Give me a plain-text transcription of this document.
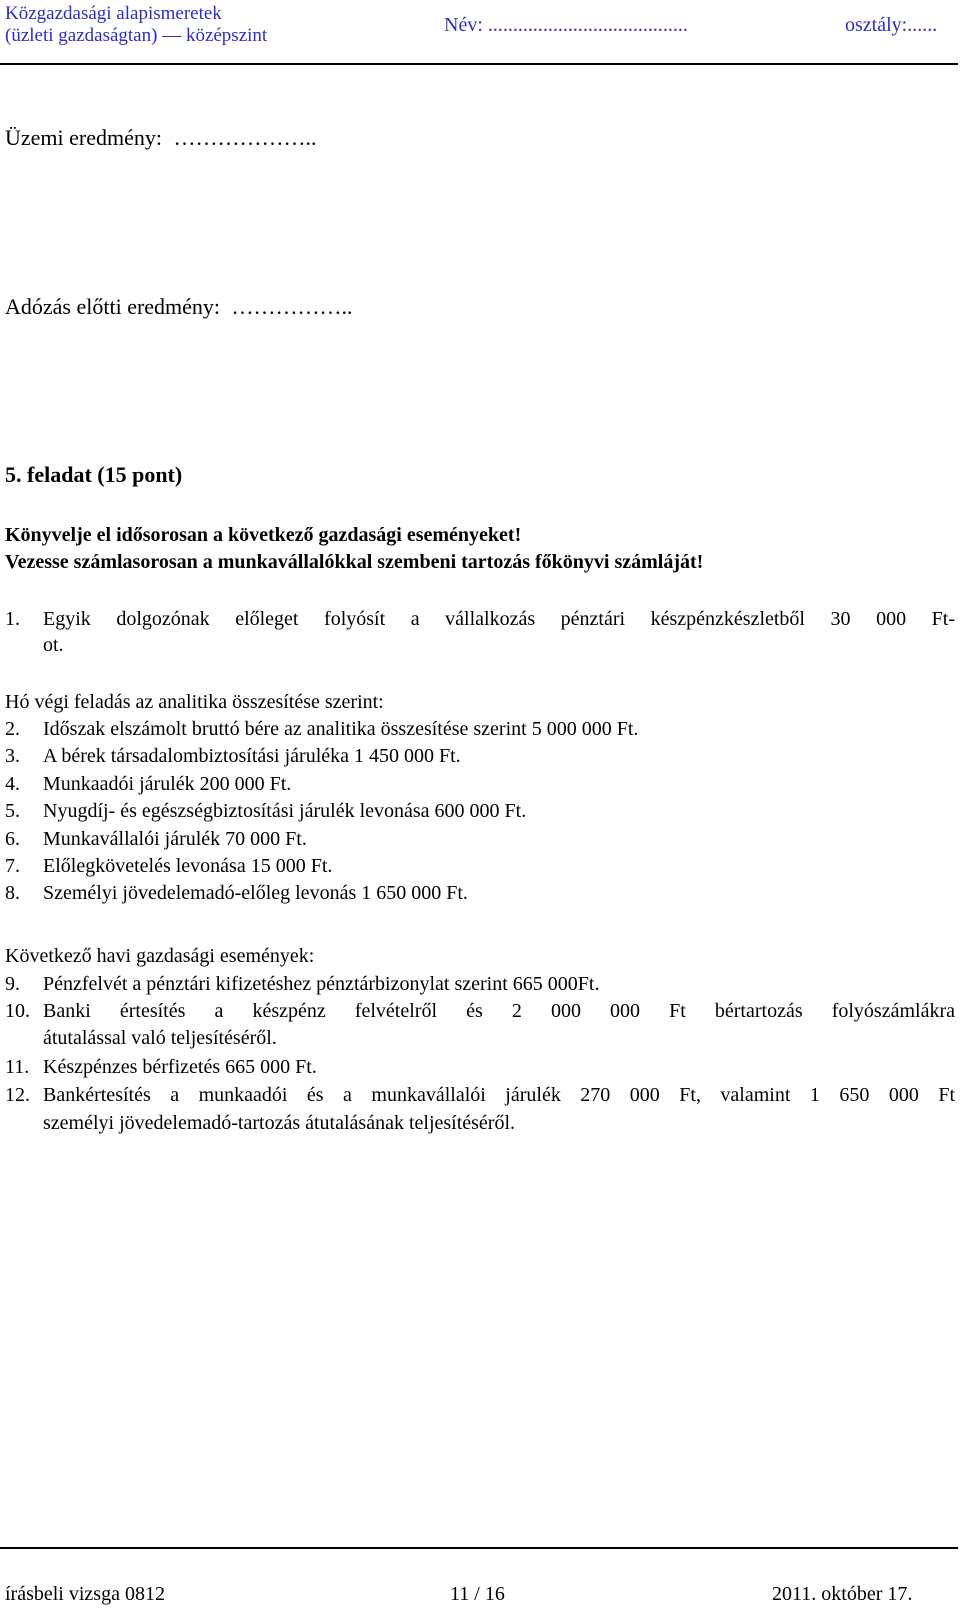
Közgazdasági alapismeretek
(üzleti gazdaságtan) — középszint	Név: ........................................	osztály:......
Üzemi eredmény: ………………..
Adózás előtti eredmény: ……………..
5. feladat (15 pont)
Könyvelje el idősorosan a következő gazdasági eseményeket!
Vezesse számlasorosan a munkavállalókkal szembeni tartozás főkönyvi számláját!
1. Egyik dolgozónak előleget folyósít a vállalkozás pénztári készpénzkészletből 30 000 Ft-
ot.
Hó végi feladás az analitika összesítése szerint:
2. Időszak elszámolt bruttó bére az analitika összesítése szerint 5 000 000 Ft.
3. A bérek társadalombiztosítási járuléka 1 450 000 Ft.
4. Munkaadói járulék 200 000 Ft.
5. Nyugdíj- és egészségbiztosítási járulék levonása 600 000 Ft.
6. Munkavállalói járulék 70 000 Ft.
7. Előlegkövetelés levonása 15 000 Ft.
8. Személyi jövedelemadó-előleg levonás 1 650 000 Ft.
Következő havi gazdasági események:
9. Pénzfelvét a pénztári kifizetéshez pénztárbizonylat szerint 665 000Ft.
10. Banki értesítés a készpénz felvételről és 2 000 000 Ft bértartozás folyószámlákra
átutalással való teljesítéséről.
11. Készpénzes bérfizetés 665 000 Ft.
12. Bankértesítés a munkaadói és a munkavállalói járulék 270 000 Ft, valamint 1 650 000 Ft
személyi jövedelemadó-tartozás átutalásának teljesítéséről.
írásbeli vizsga 0812	11 / 16	2011. október 17.
